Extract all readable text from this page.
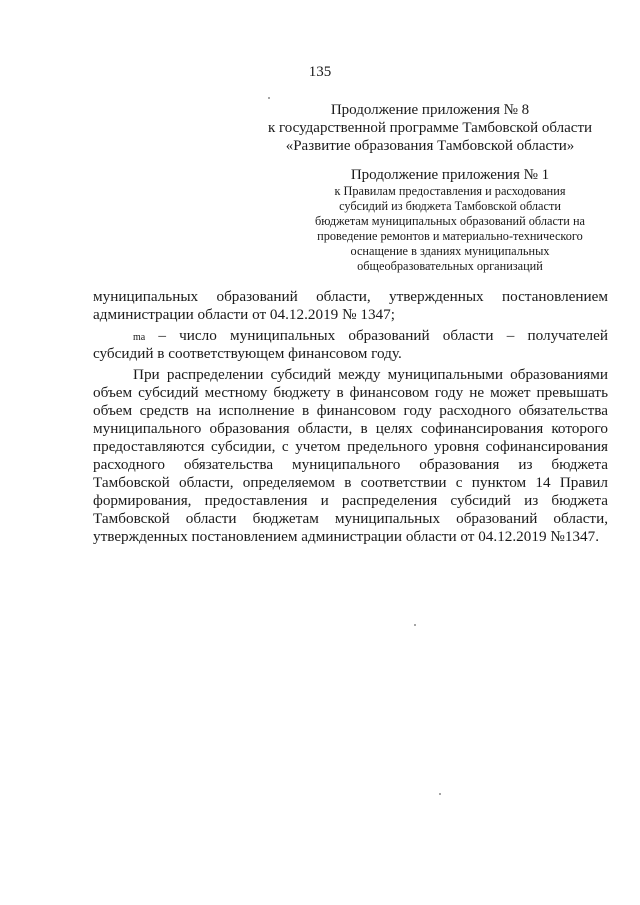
135
Продолжение приложения № 8
к государственной программе Тамбовской области
«Развитие образования Тамбовской области»
Продолжение приложения № 1
к Правилам предоставления и расходования
субсидий из бюджета Тамбовской области
бюджетам муниципальных образований области на
проведение ремонтов и материально-технического
оснащение в зданиях муниципальных
общеобразовательных организаций
муниципальных образований области, утвержденных постановлением
администрации области от 04.12.2019 № 1347;
ma – число муниципальных образований области – получателей
субсидий в соответствующем финансовом году.
При распределении субсидий между муниципальными образованиями
объем субсидий местному бюджету в финансовом году не может превышать
объем средств на исполнение в финансовом году расходного обязательства
муниципального образования области, в целях софинансирования которого
предоставляются субсидии, с учетом предельного уровня софинансирования
расходного обязательства муниципального образования из бюджета
Тамбовской области, определяемом в соответствии с пунктом 14 Правил
формирования, предоставления и распределения субсидий из бюджета
Тамбовской области бюджетам муниципальных образований области,
утвержденных постановлением администрации области от 04.12.2019 №1347.
